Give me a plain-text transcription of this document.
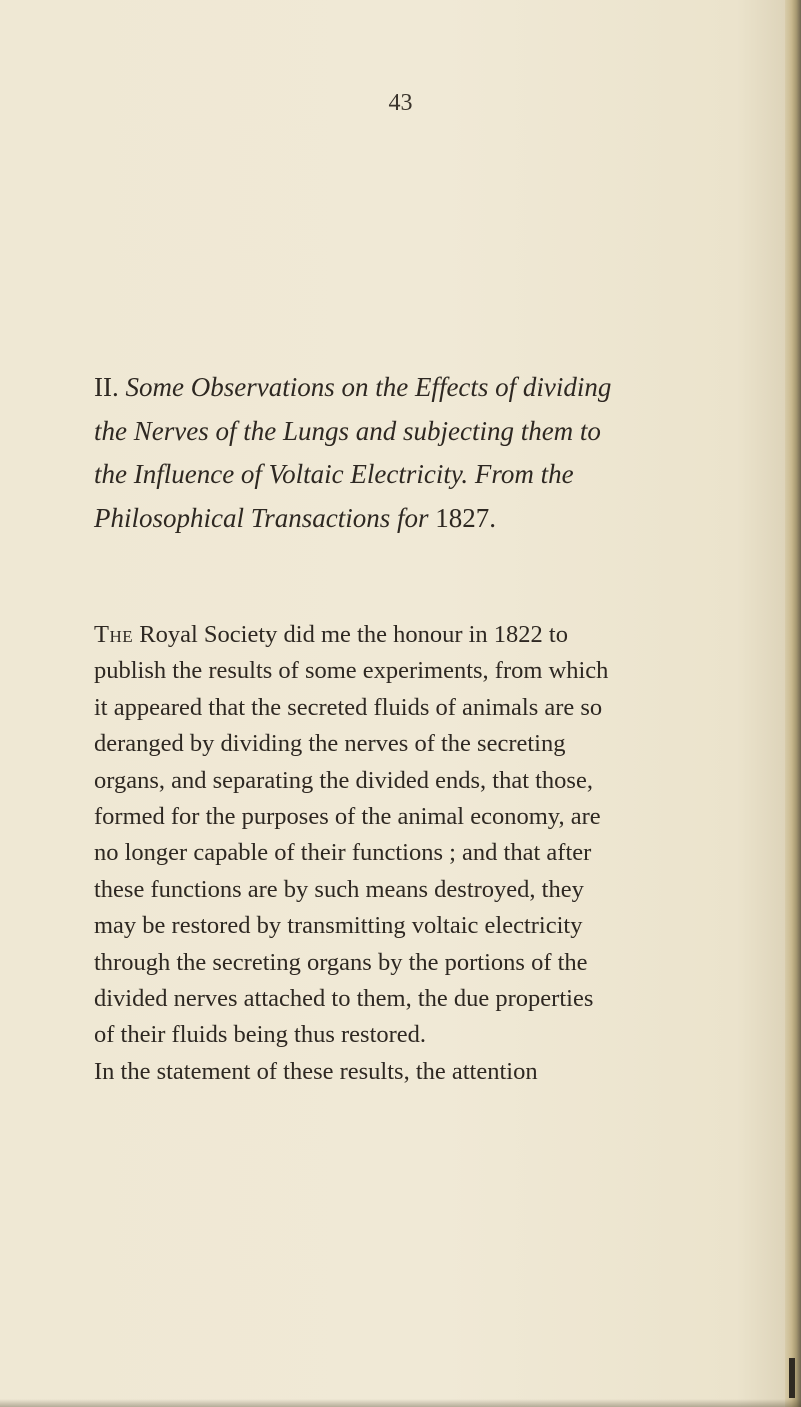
43
II. Some Observations on the Effects of dividing
the Nerves of the Lungs and subjecting them to
the Influence of Voltaic Electricity. From the
Philosophical Transactions for 1827.
The Royal Society did me the honour in 1822 to
publish the results of some experiments, from which
it appeared that the secreted fluids of animals are so
deranged by dividing the nerves of the secreting
organs, and separating the divided ends, that those,
formed for the purposes of the animal economy, are
no longer capable of their functions ; and that after
these functions are by such means destroyed, they
may be restored by transmitting voltaic electricity
through the secreting organs by the portions of the
divided nerves attached to them, the due properties
of their fluids being thus restored.
In the statement of these results, the attention
